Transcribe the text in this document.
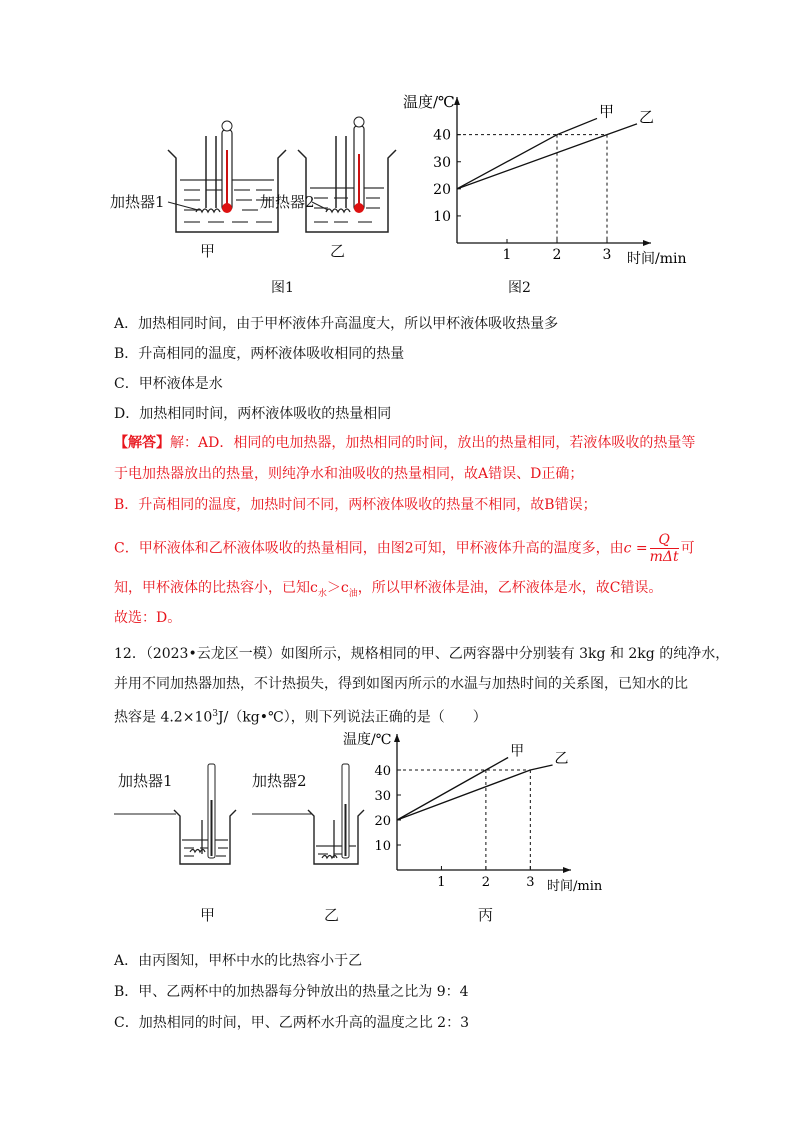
加热器1	加热器2
甲	乙
图1	图2
1	2	3
10
20
30
40
甲 乙
温度/℃
时间/min
A．加热相同时间，由于甲杯液体升高温度大，所以甲杯液体吸收热量多
B．升高相同的温度，两杯液体吸收相同的热量
C．甲杯液体是水
D．加热相同时间，两杯液体吸收的热量相同
【解答】解：AD．相同的电加热器，加热相同的时间，放出的热量相同，若液体吸收的热量等
于电加热器放出的热量，则纯净水和油吸收的热量相同，故A错误、D正确；
B．升高相同的温度，加热时间不同，两杯液体吸收的热量不相同，故B错误；
C．甲杯液体和乙杯液体吸收的热量相同，由图2可知，甲杯液体升高的温度多，由$c = \frac{Q}{\text{mΔt}}$ 可
知，甲杯液体的比热容小，已知$c_水>c_油$，所以甲杯液体是油，乙杯液体是水，故C错误。
故选：D。
12．（2023•云龙区一模）如图所示，规格相同的甲、乙两容器中分别装有 3kg 和 2kg 的纯净水，
并用不同加热器加热，不计热损失，得到如图丙所示的水温与加热时间的关系图，已知水的比
热容是 $4.2\times 10^3J/(kg•℃)$，则下列说法正确的是（　　）
加热器1	加热器2
甲	乙	丙
1	2	3
10
20
30
40
甲 乙
温度/℃
时间/min
A．由丙图知，甲杯中水的比热容小于乙
B．甲、乙两杯中的加热器每分钟放出的热量之比为 9：4
C．加热相同的时间，甲、乙两杯水升高的温度之比 2：3
